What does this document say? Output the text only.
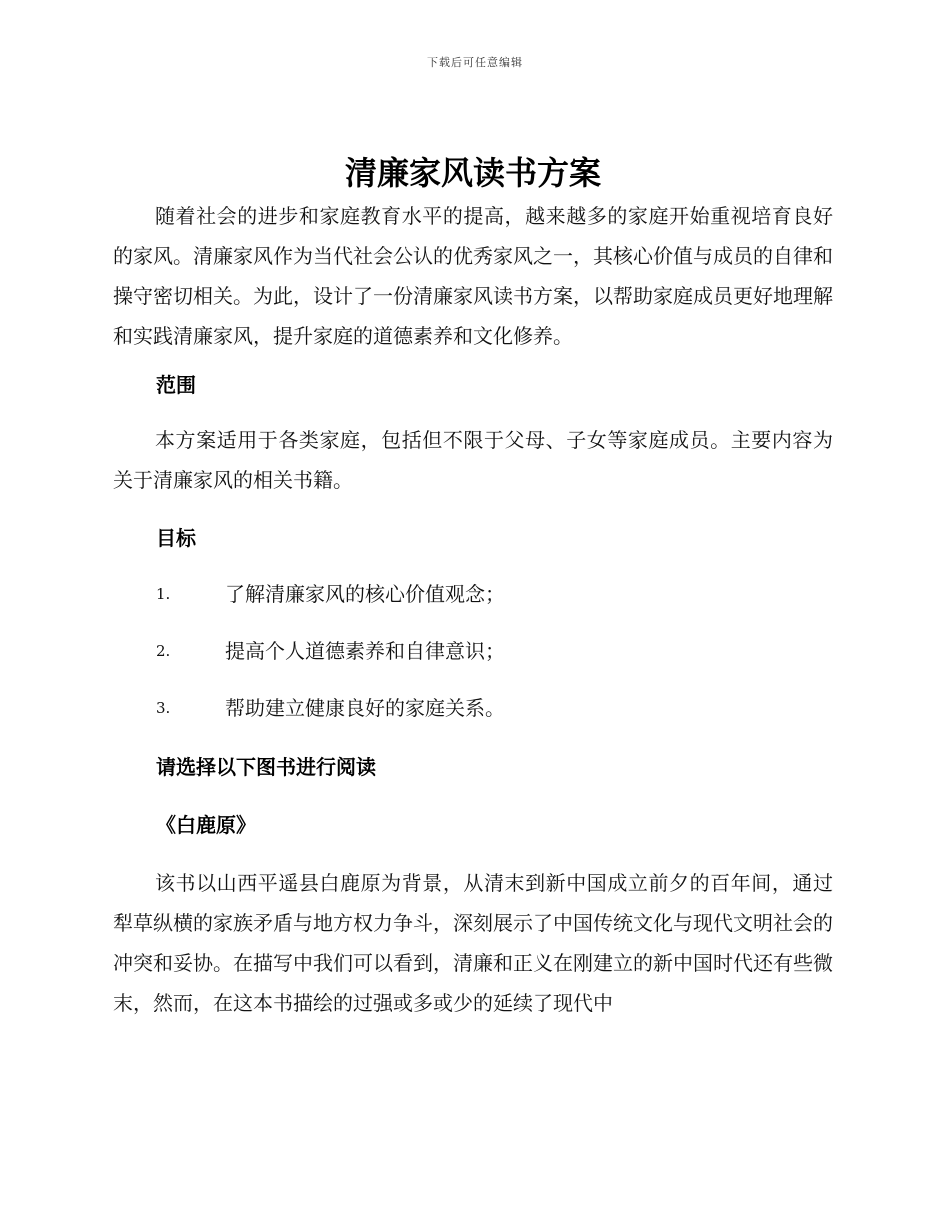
下载后可任意编辑
清廉家风读书方案

随着社会的进步和家庭教育水平的提高，越来越多的家庭开始重视培育良好的家风。清廉家风作为当代社会公认的优秀家风之一，其核心价值与成员的自律和操守密切相关。为此，设计了一份清廉家风读书方案，以帮助家庭成员更好地理解和实践清廉家风，提升家庭的道德素养和文化修养。

范围

本方案适用于各类家庭，包括但不限于父母、子女等家庭成员。主要内容为关于清廉家风的相关书籍。

目标
1.	了解清廉家风的核心价值观念；
2.	提高个人道德素养和自律意识；
3.	帮助建立健康良好的家庭关系。
请选择以下图书进行阅读
《白鹿原》

该书以山西平遥县白鹿原为背景，从清末到新中国成立前夕的百年间，通过犁草纵横的家族矛盾与地方权力争斗，深刻展示了中国传统文化与现代文明社会的冲突和妥协。在描写中我们可以看到，清廉和正义在刚建立的新中国时代还有些微末，然而，在这本书描绘的过强或多或少的延续了现代中
